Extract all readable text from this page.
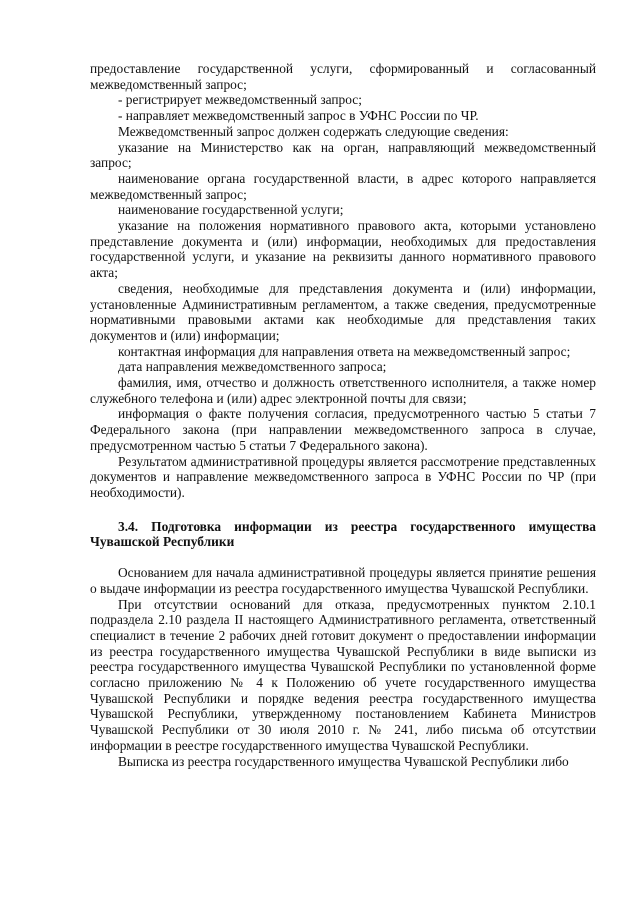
предоставление государственной услуги, сформированный и согласованный межведомственный запрос;

- регистрирует межведомственный запрос;

- направляет межведомственный запрос в УФНС России по ЧР.

Межведомственный запрос должен содержать следующие сведения:

указание на Министерство как на орган, направляющий межведомственный запрос;

наименование органа государственной власти, в адрес которого направляется межведомственный запрос;

наименование государственной услуги;

указание на положения нормативного правового акта, которыми установлено представление документа и (или) информации, необходимых для предоставления государственной услуги, и указание на реквизиты данного нормативного правового акта;

сведения, необходимые для представления документа и (или) информации, установленные Административным регламентом, а также сведения, предусмотренные нормативными правовыми актами как необходимые для представления таких документов и (или) информации;

контактная информация для направления ответа на межведомственный запрос;

дата направления межведомственного запроса;

фамилия, имя, отчество и должность ответственного исполнителя, а также номер служебного телефона и (или) адрес электронной почты для связи;

информация о факте получения согласия, предусмотренного частью 5 статьи 7 Федерального закона (при направлении межведомственного запроса в случае, предусмотренном частью 5 статьи 7 Федерального закона).

Результатом административной процедуры является рассмотрение представленных документов и направление межведомственного запроса в УФНС России по ЧР (при необходимости).

3.4. Подготовка информации из реестра государственного имущества Чувашской Республики

Основанием для начала административной процедуры является принятие решения о выдаче информации из реестра государственного имущества Чувашской Республики.

При отсутствии оснований для отказа, предусмотренных пунктом 2.10.1 подраздела 2.10 раздела II настоящего Административного регламента, ответственный специалист в течение 2 рабочих дней готовит документ о предоставлении информации из реестра государственного имущества Чувашской Республики в виде выписки из реестра государственного имущества Чувашской Республики по установленной форме согласно приложению № 4 к Положению об учете государственного имущества Чувашской Республики и порядке ведения реестра государственного имущества Чувашской Республики, утвержденному постановлением Кабинета Министров Чувашской Республики от 30 июля 2010 г. № 241, либо письма об отсутствии информации в реестре государственного имущества Чувашской Республики.

Выписка из реестра государственного имущества Чувашской Республики либо
